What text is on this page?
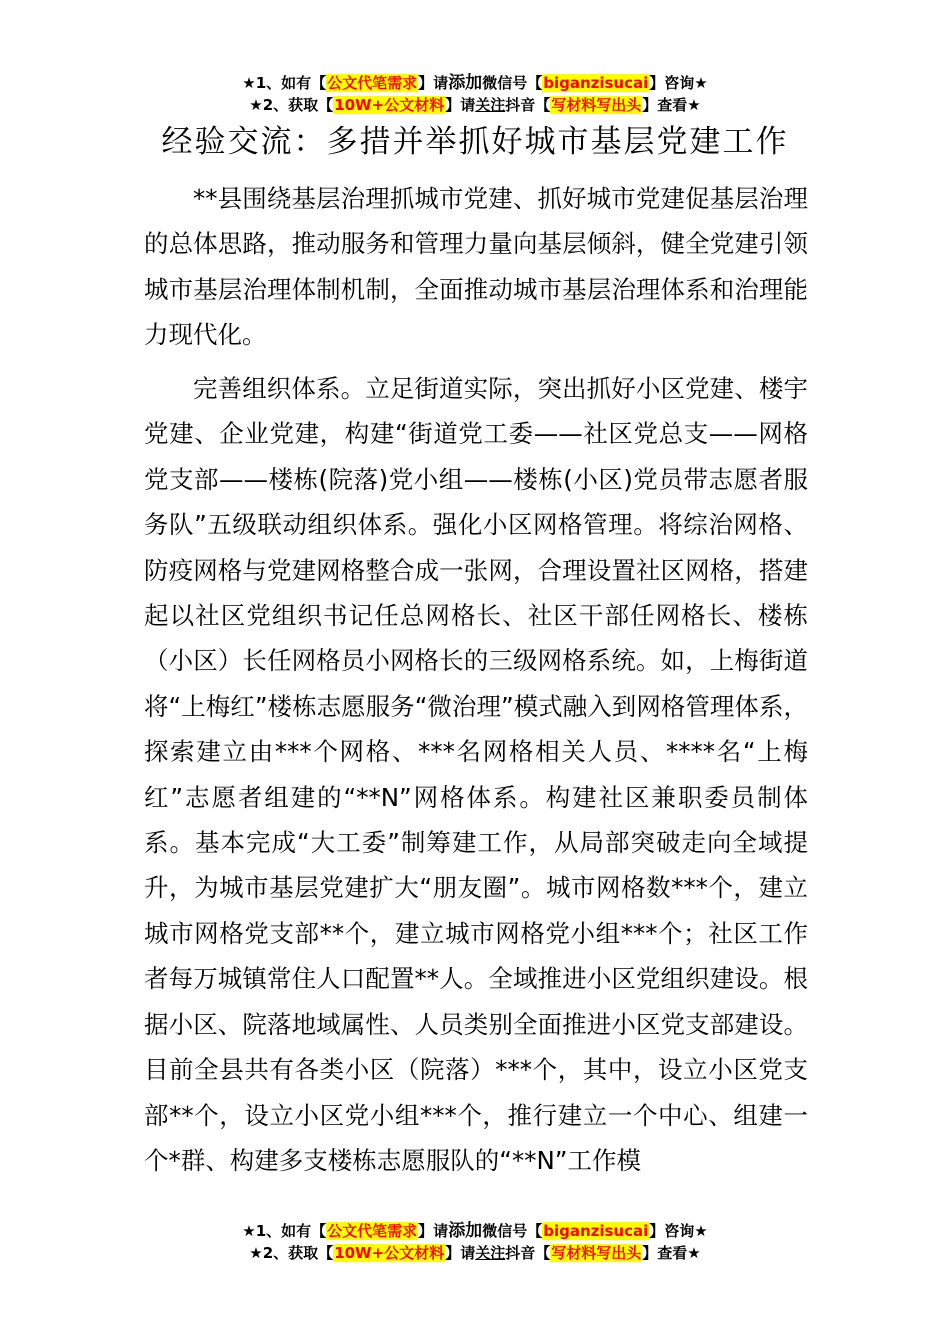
★1、如有【公文代笔需求】请添加微信号【biganzisucai】咨询★
★2、获取【10W+公文材料】请关注抖音【写材料写出头】查看★
经验交流：多措并举抓好城市基层党建工作

**县围绕基层治理抓城市党建、抓好城市党建促基层治理的总体思路，推动服务和管理力量向基层倾斜，健全党建引领城市基层治理体制机制，全面推动城市基层治理体系和治理能力现代化。

完善组织体系。立足街道实际，突出抓好小区党建、楼宇党建、企业党建，构建“街道党工委——社区党总支——网格党支部——楼栋(院落)党小组——楼栋(小区)党员带志愿者服务队”五级联动组织体系。强化小区网格管理。将综治网格、防疫网格与党建网格整合成一张网，合理设置社区网格，搭建起以社区党组织书记任总网格长、社区干部任网格长、楼栋（小区）长任网格员小网格长的三级网格系统。如，上梅街道将“上梅红”楼栋志愿服务“微治理”模式融入到网格管理体系，探索建立由***个网格、***名网格相关人员、****名“上梅红”志愿者组建的“**N”网格体系。构建社区兼职委员制体系。基本完成“大工委”制筹建工作，从局部突破走向全域提升，为城市基层党建扩大“朋友圈”。城市网格数***个，建立城市网格党支部**个，建立城市网格党小组***个；社区工作者每万城镇常住人口配置**人。全域推进小区党组织建设。根据小区、院落地域属性、人员类别全面推进小区党支部建设。目前全县共有各类小区（院落）***个，其中，设立小区党支部**个，设立小区党小组***个，推行建立一个中心、组建一个*群、构建多支楼栋志愿服队的“**N”工作模

★1、如有【公文代笔需求】请添加微信号【biganzisucai】咨询★
★2、获取【10W+公文材料】请关注抖音【写材料写出头】查看★
